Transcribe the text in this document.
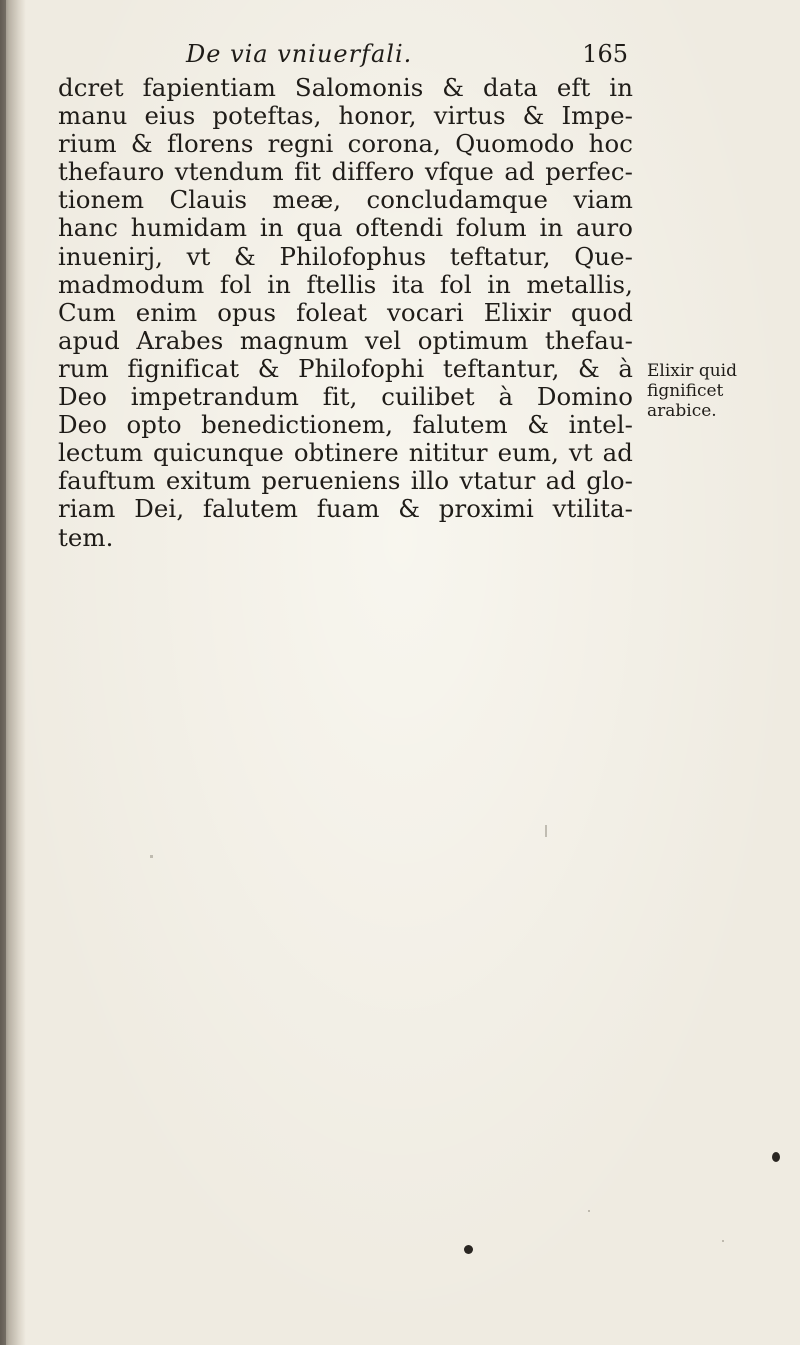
De via vniuerfali.	165
dcret fapientiam Salomonis & data eft in
manu eius poteftas, honor, virtus & Impe-
rium & florens regni corona, Quomodo hoc
thefauro vtendum fit differo vfque ad perfec-
tionem Clauis meæ, concludamque viam
hanc humidam in qua oftendi folum in auro
inuenirj, vt & Philofophus teftatur, Que-
madmodum fol in ftellis ita fol in metallis,
Cum enim opus foleat vocari Elixir quod
apud Arabes magnum vel optimum thefau-
rum fignificat & Philofophi teftantur, & à
Deo impetrandum fit, cuilibet à Domino
Deo opto benedictionem, falutem & intel-
lectum quicunque obtinere nititur eum, vt ad
fauftum exitum perueniens illo vtatur ad glo-
riam Dei, falutem fuam & proximi vtilita-
tem.
Elixir quid
fignificet
arabice.
